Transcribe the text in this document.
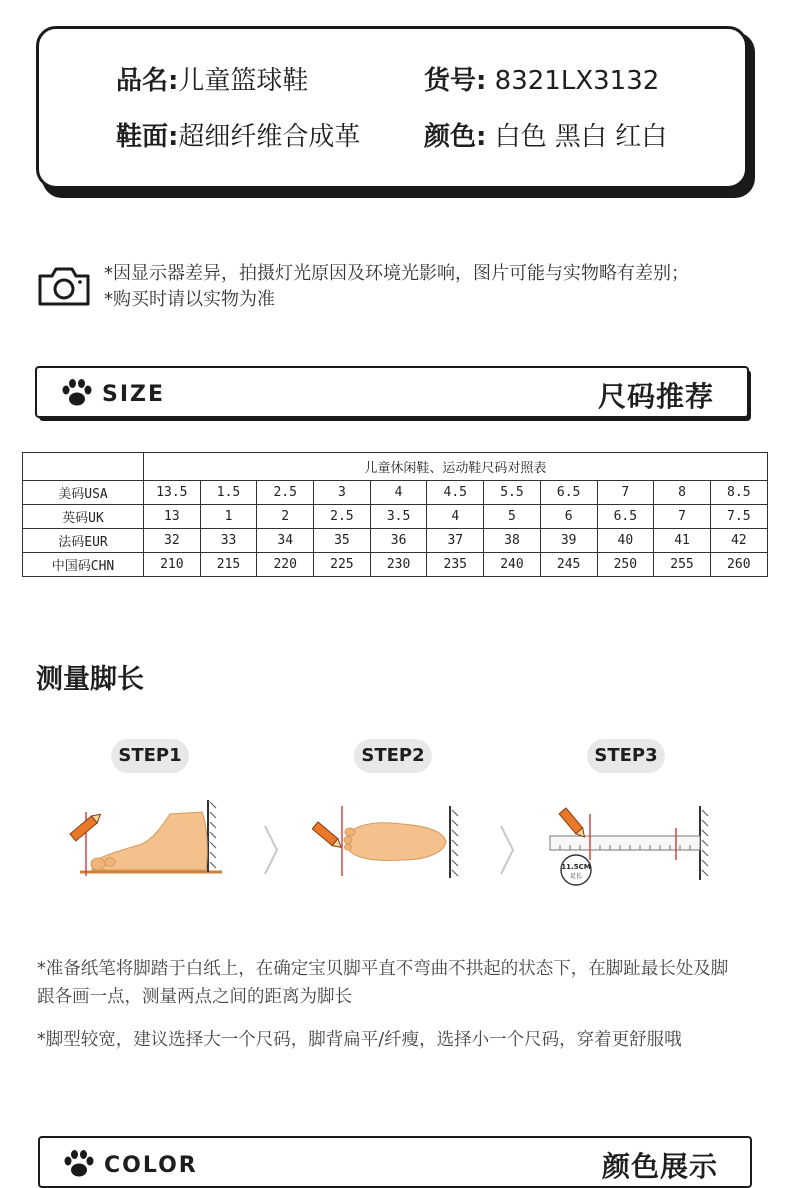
品名:儿童篮球鞋	货号: 8321LX3132
鞋面:超细纤维合成革 颜色: 白色 黑白 红白
*因显示器差异，拍摄灯光原因及环境光影响，图片可能与实物略有差别；
*购买时请以实物为准
SIZE	尺码推荐
	儿童休闲鞋、运动鞋尺码对照表										
美码USA	13.5	1.5	2.5	3	4	4.5	5.5	6.5	7	8	8.5
英码UK	13	1	2	2.5	3.5	4	5	6	6.5	7	7.5
法码EUR	32	33	34	35	36	37	38	39	40	41	42
中国码CHN	210	215	220	225	230	235	240	245	250	255	260
测量脚长
STEP1	STEP2	STEP3
11.5CM
足长
*准备纸笔将脚踏于白纸上，在确定宝贝脚平直不弯曲不拱起的状态下，在脚趾最长处及脚跟各画一点，测量两点之间的距离为脚长
*脚型较宽，建议选择大一个尺码，脚背扁平/纤瘦，选择小一个尺码，穿着更舒服哦
COLOR	颜色展示
